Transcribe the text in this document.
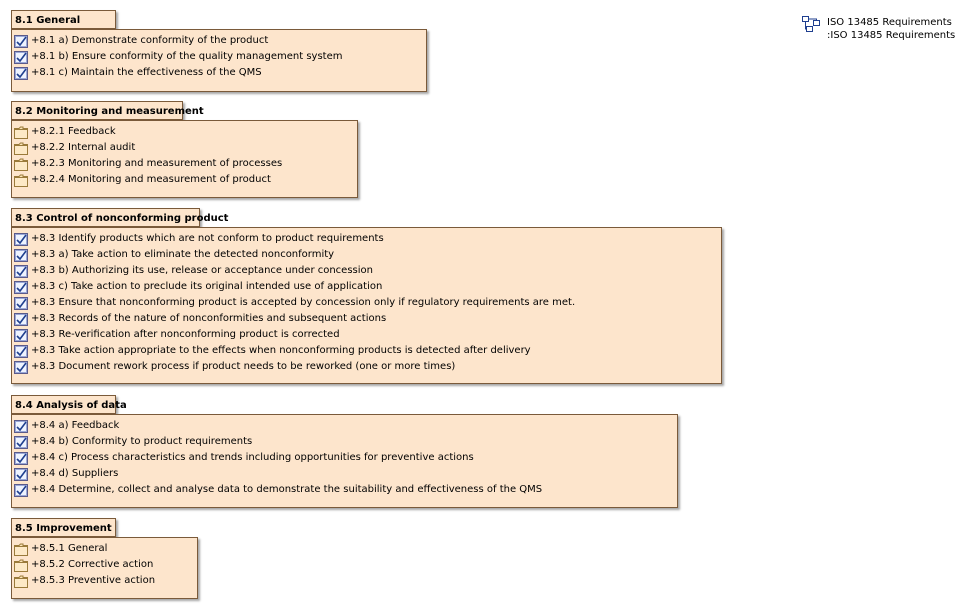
ISO 13485 Requirements
:ISO 13485 Requirements
8.1 General
+8.1 a) Demonstrate conformity of the product
+8.1 b) Ensure conformity of the quality management system
+8.1 c) Maintain the effectiveness of the QMS
8.2 Monitoring and measurement
+8.2.1 Feedback
+8.2.2 Internal audit
+8.2.3 Monitoring and measurement of processes
+8.2.4 Monitoring and measurement of product
8.3 Control of nonconforming product
+8.3 Identify products which are not conform to product requirements
+8.3 a) Take action to eliminate the detected nonconformity
+8.3 b) Authorizing its use, release or acceptance under concession
+8.3 c) Take action to preclude its original intended use of application
+8.3 Ensure that nonconforming product is accepted by concession only if regulatory requirements are met.
+8.3 Records of the nature of nonconformities and subsequent actions
+8.3 Re-verification after nonconforming product is corrected
+8.3 Take action appropriate to the effects when nonconforming products is detected after delivery
+8.3 Document rework process if product needs to be reworked (one or more times)
8.4 Analysis of data
+8.4 a) Feedback
+8.4 b) Conformity to product requirements
+8.4 c) Process characteristics and trends including opportunities for preventive actions
+8.4 d) Suppliers
+8.4 Determine, collect and analyse data to demonstrate the suitability and effectiveness of the QMS
8.5 Improvement
+8.5.1 General
+8.5.2 Corrective action
+8.5.3 Preventive action
